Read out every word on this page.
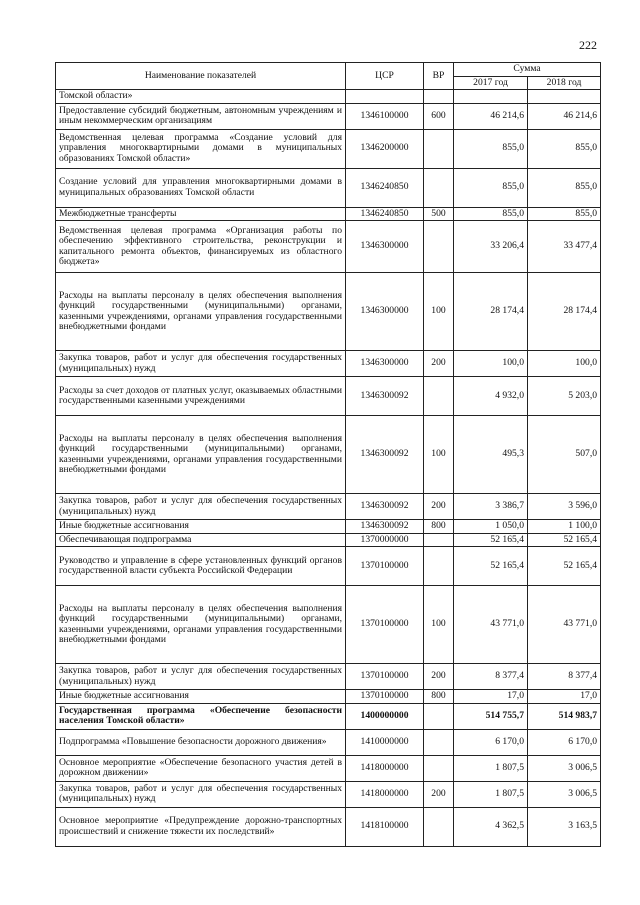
222
Наименование показателей	ЦСР	ВР	Сумма	
			2017 год	2018 год
Томской области»				
Предоставление субсидий бюджетным, автономным учреждениям и иным некоммерческим организациям	1346100000	600	46 214,6	46 214,6
Ведомственная целевая программа «Создание условий для управления многоквартирными домами в муниципальных образованиях Томской области»	1346200000		855,0	855,0
Создание условий для управления многоквартирными домами в муниципальных образованиях Томской области	1346240850		855,0	855,0
Межбюджетные трансферты	1346240850	500	855,0	855,0
Ведомственная целевая программа «Организация работы по обеспечению эффективного строительства, реконструкции и капитального ремонта объектов, финансируемых из областного бюджета»	1346300000		33 206,4	33 477,4
Расходы на выплаты персоналу в целях обеспечения выполнения функций государственными (муниципальными) органами, казенными учреждениями, органами управления государственными внебюджетными фондами	1346300000	100	28 174,4	28 174,4
Закупка товаров, работ и услуг для обеспечения государственных (муниципальных) нужд	1346300000	200	100,0	100,0
Расходы за счет доходов от платных услуг, оказываемых областными государственными казенными учреждениями	1346300092		4 932,0	5 203,0
Расходы на выплаты персоналу в целях обеспечения выполнения функций государственными (муниципальными) органами, казенными учреждениями, органами управления государственными внебюджетными фондами	1346300092	100	495,3	507,0
Закупка товаров, работ и услуг для обеспечения государственных (муниципальных) нужд	1346300092	200	3 386,7	3 596,0
Иные бюджетные ассигнования	1346300092	800	1 050,0	1 100,0
Обеспечивающая подпрограмма	1370000000		52 165,4	52 165,4
Руководство и управление в сфере установленных функций органов государственной власти субъекта Российской Федерации	1370100000		52 165,4	52 165,4
Расходы на выплаты персоналу в целях обеспечения выполнения функций государственными (муниципальными) органами, казенными учреждениями, органами управления государственными внебюджетными фондами	1370100000	100	43 771,0	43 771,0
Закупка товаров, работ и услуг для обеспечения государственных (муниципальных) нужд	1370100000	200	8 377,4	8 377,4
Иные бюджетные ассигнования	1370100000	800	17,0	17,0
Государственная программа «Обеспечение безопасности населения Томской области»	1400000000		514 755,7	514 983,7
Подпрограмма «Повышение безопасности дорожного движения»	1410000000		6 170,0	6 170,0
Основное мероприятие «Обеспечение безопасного участия детей в дорожном движении»	1418000000		1 807,5	3 006,5
Закупка товаров, работ и услуг для обеспечения государственных (муниципальных) нужд	1418000000	200	1 807,5	3 006,5
Основное мероприятие «Предупреждение дорожно-транспортных происшествий и снижение тяжести их последствий»	1418100000		4 362,5	3 163,5
